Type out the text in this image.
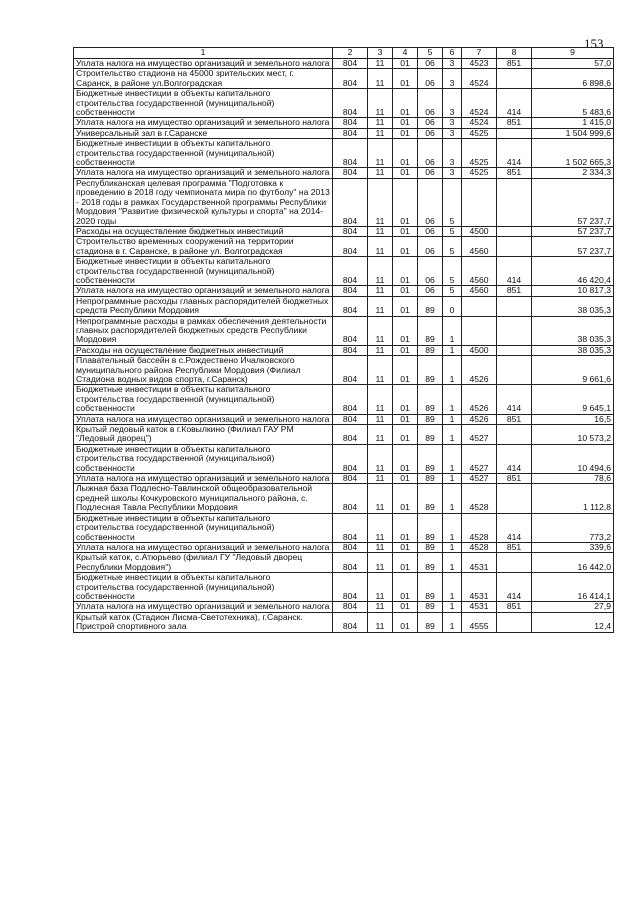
153
1	2	3	4	5	6	7	8	9
Уплата налога на имущество организаций и земельного налога	804	11	01	06	3	4523	851	57,0
Строительство стадиона на 45000 зрительских мест, г. Саранск, в районе ул.Волгоградская	804	11	01	06	3	4524		6 898,6
Бюджетные инвестиции в объекты капитального строительства государственной (муниципальной) собственности	804	11	01	06	3	4524	414	5 483,6
Уплата налога на имущество организаций и земельного налога	804	11	01	06	3	4524	851	1 415,0
Универсальный зал в г.Саранске	804	11	01	06	3	4525		1 504 999,6
Бюджетные инвестиции в объекты капитального строительства государственной (муниципальной) собственности	804	11	01	06	3	4525	414	1 502 665,3
Уплата налога на имущество организаций и земельного налога	804	11	01	06	3	4525	851	2 334,3
Республиканская целевая программа "Подготовка к проведению в 2018 году чемпионата мира по футболу" на 2013 - 2018 годы в рамках Государственной программы Республики Мордовия "Развитие физической культуры и спорта" на 2014-2020 годы	804	11	01	06	5			57 237,7
Расходы на осуществление бюджетных инвестиций	804	11	01	06	5	4500		57 237,7
Строительство временных сооружений на территории стадиона в г. Саранске, в районе ул. Волгоградская	804	11	01	06	5	4560		57 237,7
Бюджетные инвестиции в объекты капитального строительства государственной (муниципальной) собственности	804	11	01	06	5	4560	414	46 420,4
Уплата налога на имущество организаций и земельного налога	804	11	01	06	5	4560	851	10 817,3
Непрограммные расходы главных распорядителей бюджетных средств Республики Мордовия	804	11	01	89	0			38 035,3
Непрограммные расходы в рамках обеспечения деятельности главных распорядителей бюджетных средств Республики Мордовия	804	11	01	89	1			38 035,3
Расходы на осуществление бюджетных инвестиций	804	11	01	89	1	4500		38 035,3
Плавательный бассейн в с.Рождествено Ичалковского муниципального района Республики Мордовия (Филиал Стадиона водных видов спорта, г.Саранск)	804	11	01	89	1	4526		9 661,6
Бюджетные инвестиции в объекты капитального строительства государственной (муниципальной) собственности	804	11	01	89	1	4526	414	9 645,1
Уплата налога на имущество организаций и земельного налога	804	11	01	89	1	4526	851	16,5
Крытый ледовый каток в г.Ковылкино (Филиал ГАУ РМ "Ледовый дворец")	804	11	01	89	1	4527		10 573,2
Бюджетные инвестиции в объекты капитального строительства государственной (муниципальной) собственности	804	11	01	89	1	4527	414	10 494,6
Уплата налога на имущество организаций и земельного налога	804	11	01	89	1	4527	851	78,6
Лыжная база Подлесно-Тавлинской общеобразовательной средней школы Кочкуровского муниципального района, с. Подлесная Тавла Республики Мордовия	804	11	01	89	1	4528		1 112,8
Бюджетные инвестиции в объекты капитального строительства государственной (муниципальной) собственности	804	11	01	89	1	4528	414	773,2
Уплата налога на имущество организаций и земельного налога	804	11	01	89	1	4528	851	339,6
Крытый каток, с.Атюрьево (филиал ГУ "Ледовый дворец Республики Мордовия")	804	11	01	89	1	4531		16 442,0
Бюджетные инвестиции в объекты капитального строительства государственной (муниципальной) собственности	804	11	01	89	1	4531	414	16 414,1
Уплата налога на имущество организаций и земельного налога	804	11	01	89	1	4531	851	27,9
Крытый каток (Стадион Лисма-Светотехника), г.Саранск. Пристрой спортивного зала	804	11	01	89	1	4555		12,4
